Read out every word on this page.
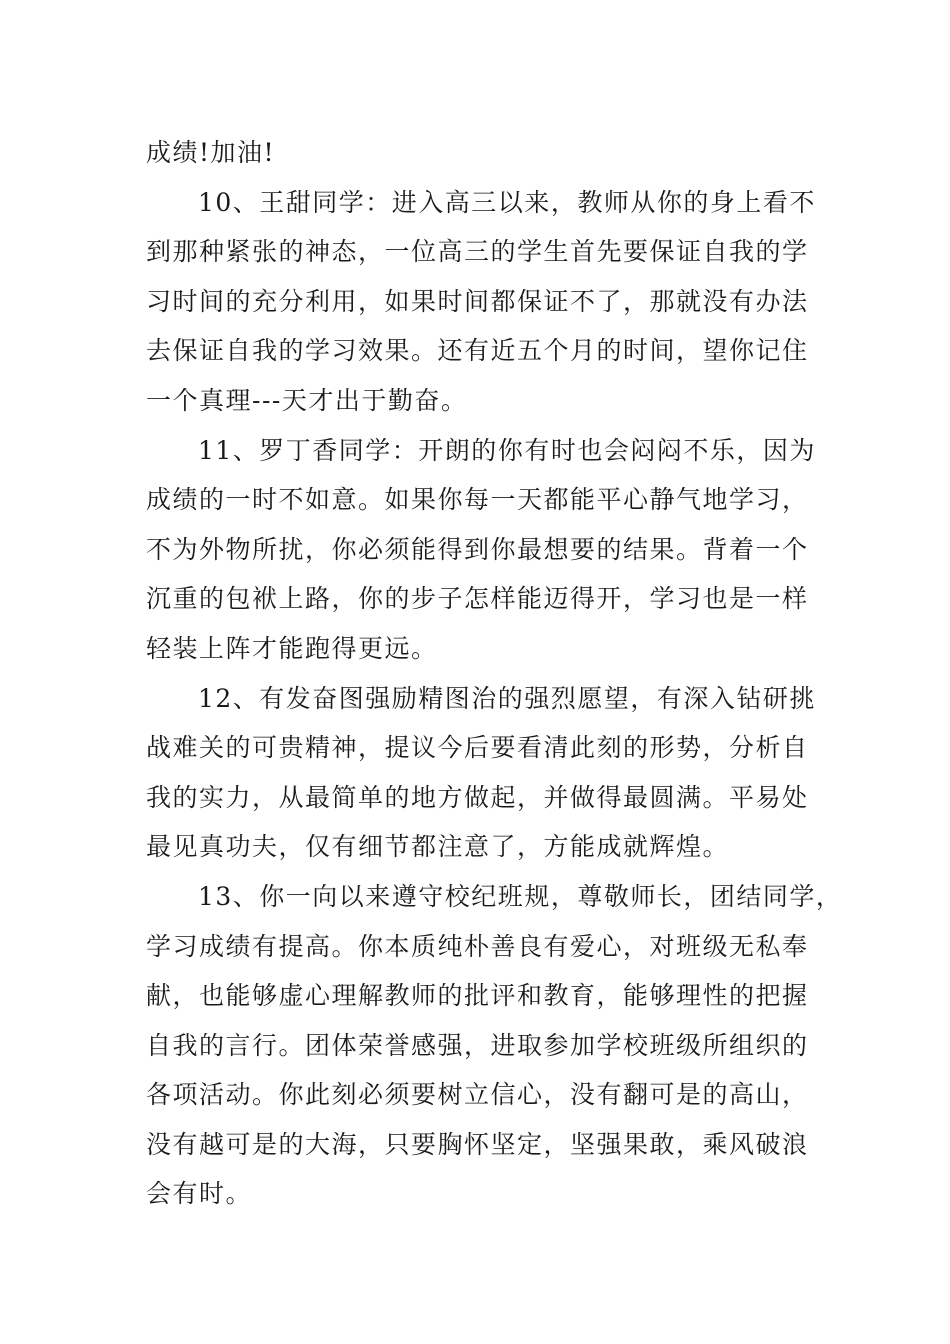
成绩!加油!
10、王甜同学：进入高三以来，教师从你的身上看不
到那种紧张的神态，一位高三的学生首先要保证自我的学
习时间的充分利用，如果时间都保证不了，那就没有办法
去保证自我的学习效果。还有近五个月的时间，望你记住
一个真理---天才出于勤奋。
11、罗丁香同学：开朗的你有时也会闷闷不乐，因为
成绩的一时不如意。如果你每一天都能平心静气地学习，
不为外物所扰，你必须能得到你最想要的结果。背着一个
沉重的包袱上路，你的步子怎样能迈得开，学习也是一样
轻装上阵才能跑得更远。
12、有发奋图强励精图治的强烈愿望，有深入钻研挑
战难关的可贵精神，提议今后要看清此刻的形势，分析自
我的实力，从最简单的地方做起，并做得最圆满。平易处
最见真功夫，仅有细节都注意了，方能成就辉煌。
13、你一向以来遵守校纪班规，尊敬师长，团结同学，
学习成绩有提高。你本质纯朴善良有爱心，对班级无私奉
献，也能够虚心理解教师的批评和教育，能够理性的把握
自我的言行。团体荣誉感强，进取参加学校班级所组织的
各项活动。你此刻必须要树立信心，没有翻可是的高山，
没有越可是的大海，只要胸怀坚定，坚强果敢，乘风破浪
会有时。
